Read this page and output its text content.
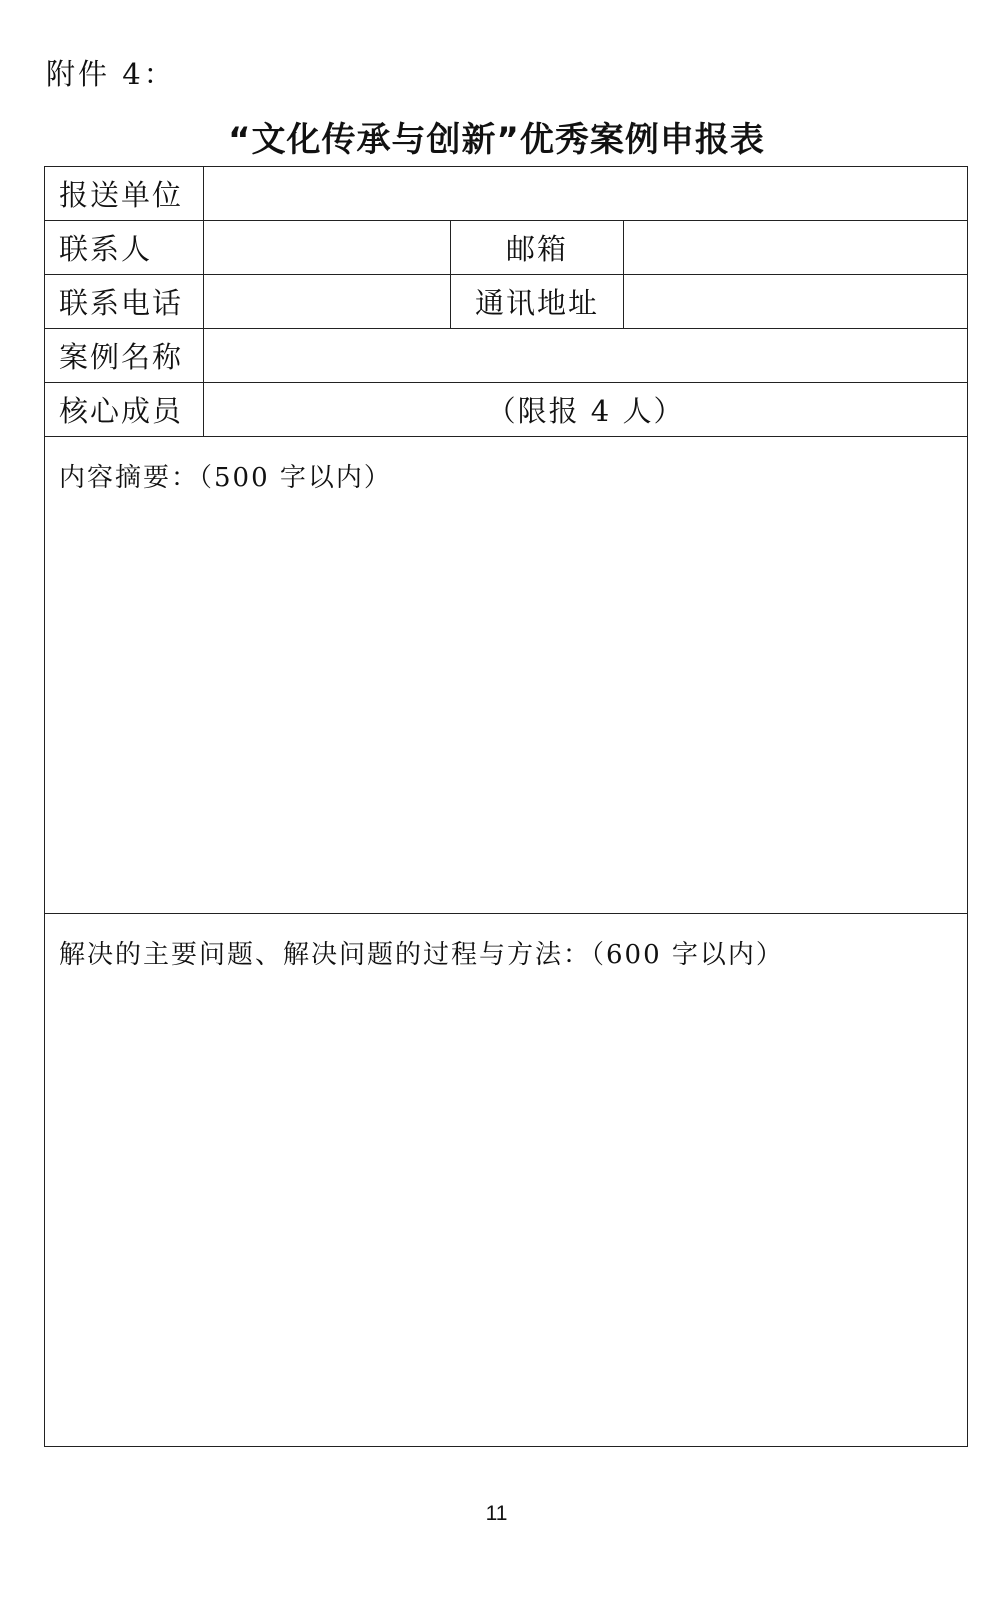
附件 4：
“文化传承与创新”优秀案例申报表
报送单位			
联系人		邮箱	
联系电话		通讯地址	
案例名称			
核心成员	（限报 4 人）		
内容摘要：（500 字以内）			
解决的主要问题、解决问题的过程与方法：（600 字以内）			
11
